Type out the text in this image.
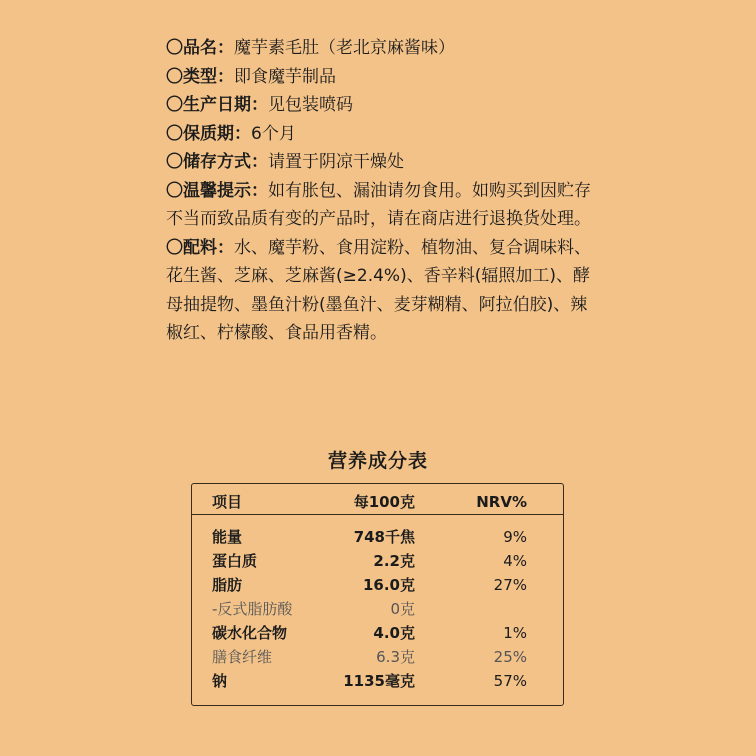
〇品名：魔芋素毛肚（老北京麻酱味）
〇类型：即食魔芋制品
〇生产日期：见包装喷码
〇保质期：6个月
〇储存方式：请置于阴凉干燥处
〇温馨提示：如有胀包、漏油请勿食用。如购买到因贮存不当而致品质有变的产品时，请在商店进行退换货处理。
〇配料：水、魔芋粉、食用淀粉、植物油、复合调味料、花生酱、芝麻、芝麻酱(≥2.4%)、香辛料(辐照加工)、酵母抽提物、墨鱼汁粉(墨鱼汁、麦芽糊精、阿拉伯胶)、辣椒红、柠檬酸、食品用香精。
营养成分表
项目	每100克	NRV%
能量	748千焦	9%
蛋白质	2.2克	4%
脂肪	16.0克	27%
-反式脂肪酸	0克
碳水化合物	4.0克	1%
膳食纤维	6.3克	25%
钠	1135毫克	57%
